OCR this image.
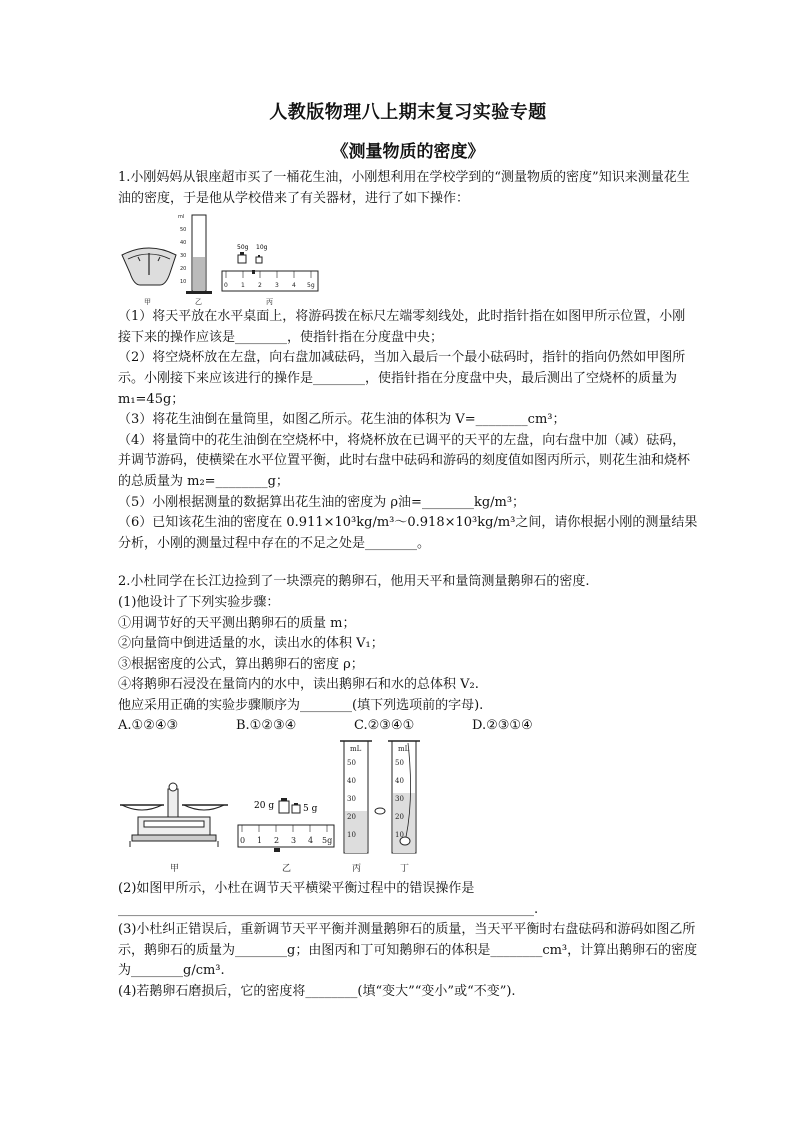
人教版物理八上期末复习实验专题
《测量物质的密度》

1.小刚妈妈从银座超市买了一桶花生油，小刚想利用在学校学到的“测量物质的密度”知识来测量花生油的密度，于是他从学校借来了有关器材，进行了如下操作：

ml
50
40
30
20
10
50g 10g
0 1 2 3 4 5g
甲	乙	丙

（1）将天平放在水平桌面上，将游码拨在标尺左端零刻线处，此时指针指在如图甲所示位置，小刚接下来的操作应该是________，使指针指在分度盘中央；

（2）将空烧杯放在左盘，向右盘加减砝码，当加入最后一个最小砝码时，指针的指向仍然如甲图所示。小刚接下来应该进行的操作是________，使指针指在分度盘中央，最后测出了空烧杯的质量为 m₁=45g；

（3）将花生油倒在量筒里，如图乙所示。花生油的体积为 V=________cm³；

（4）将量筒中的花生油倒在空烧杯中，将烧杯放在已调平的天平的左盘，向右盘中加（减）砝码，并调节游码，使横梁在水平位置平衡，此时右盘中砝码和游码的刻度值如图丙所示，则花生油和烧杯的总质量为 m₂=________g；

（5）小刚根据测量的数据算出花生油的密度为 ρ油=________kg/m³；

（6）已知该花生油的密度在 0.911×10³kg/m³～0.918×10³kg/m³之间，请你根据小刚的测量结果分析，小刚的测量过程中存在的不足之处是________。

2.小杜同学在长江边捡到了一块漂亮的鹅卵石，他用天平和量筒测量鹅卵石的密度.

(1)他设计了下列实验步骤：

①用调节好的天平测出鹅卵石的质量 m；

②向量筒中倒进适量的水，读出水的体积 V₁；

③根据密度的公式，算出鹅卵石的密度 ρ；

④将鹅卵石浸没在量筒内的水中，读出鹅卵石和水的总体积 V₂.

他应采用正确的实验步骤顺序为________(填下列选项前的字母).

A.①②④③	B.①②③④	C.②③④①	D.②③①④
20 g	5 g
0 1 2 3 4 5g
mL
50
40
30
20
10
mL
50
40
30
20
10
甲	乙	丙	丁

(2)如图甲所示，小杜在调节天平横梁平衡过程中的错误操作是

________________________________________________________________.

(3)小杜纠正错误后，重新调节天平平衡并测量鹅卵石的质量，当天平平衡时右盘砝码和游码如图乙所示，鹅卵石的质量为________g；由图丙和丁可知鹅卵石的体积是________cm³，计算出鹅卵石的密度为________g/cm³.

(4)若鹅卵石磨损后，它的密度将________(填“变大”“变小”或“不变”).
